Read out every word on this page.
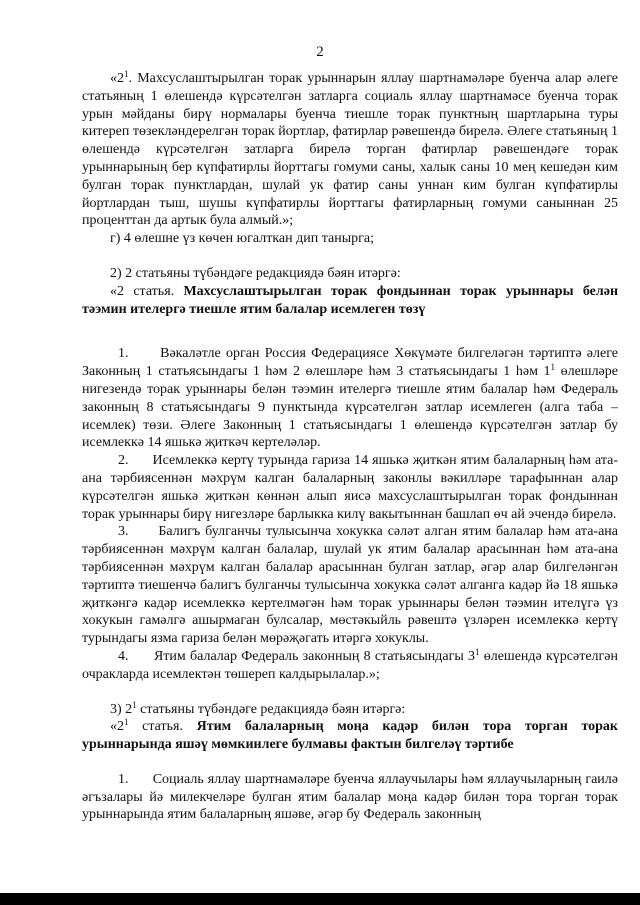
2

«$2^1$. Махсуслаштырылган торак урыннарын яллау шартнамәләре буенча алар әлеге статьяның 1 өлешендә күрсәтелгән затларга социаль яллау шартнамәсе буенча торак урын мәйданы бирү нормалары буенча тиешле торак пунктның шартларына туры китереп төзекләндерелгән торак йортлар, фатирлар рәвешендә бирелә. Әлеге статьяның 1 өлешендә күрсәтелгән затларга бирелә торган фатирлар рәвешендәге торак урыннарының бер күпфатирлы йорттагы гомуми саны, халык саны 10 мең кешедән ким булган торак пунктлардан, шулай ук фатир саны уннан ким булган күпфатирлы йортлардан тыш, шушы күпфатирлы йорттагы фатирларның гомуми саныннан 25 проценттан да артык була алмый.»;

г) 4 өлешне үз көчен югалткан дип танырга;

2) 2 статьяны түбәндәге редакциядә бәян итәргә:

«2 статья. Махсуслаштырылган торак фондыннан торак урыннары белән тәэмин ителергә тиешле ятим балалар исемлеген төзү

1.      Вәкаләтле орган Россия Федерациясе Хөкүмәте билгеләгән тәртиптә әлеге Законның 1 статьясындагы 1 һәм 2 өлешләре һәм 3 статьясындагы 1 һәм $1^1$ өлешләре нигезендә торак урыннары белән тәэмин ителергә тиешле ятим балалар һәм Федераль законның 8 статьясындагы 9 пунктында күрсәтелгән затлар исемлеген (алга таба – исемлек) төзи. Әлеге Законның 1 статьясындагы 1 өлешендә күрсәтелгән затлар бу исемлеккә 14 яшькә җиткәч кертеләләр.

2.      Исемлеккә кертү турында гариза 14 яшькә җиткән ятим балаларның һәм ата-ана тәрбиясеннән мәхрүм калган балаларның законлы вәкилләре тарафыннан алар күрсәтелгән яшькә җиткән көннән алып яисә махсуслаштырылган торак фондыннан торак урыннары бирү нигезләре барлыкка килү вакытыннан башлап өч ай эчендә бирелә.

3.      Балигъ булганчы тулысынча хокукка сәләт алган ятим балалар һәм ата-ана тәрбиясеннән мәхрүм калган балалар, шулай ук ятим балалар арасыннан һәм ата-ана тәрбиясеннән мәхрүм калган балалар арасыннан булган затлар, әгәр алар билгеләнгән тәртиптә тиешенчә балигъ булганчы тулысынча хокукка сәләт алганга кадәр йә 18 яшькә җиткәнгә кадәр исемлеккә кертелмәгән һәм торак урыннары белән тәэмин ителүгә үз хокукын гамәлгә ашырмаган булсалар, мөстәкыйль рәвештә үзләрен исемлеккә кертү турындагы язма гариза белән мөрәҗәгать итәргә хокуклы.

4.      Ятим балалар Федераль законның 8 статьясындагы $3^1$ өлешендә күрсәтелгән очракларда исемлектән төшереп калдырылалар.»;

3) $2^1$ статьяны түбәндәге редакциядә бәян итәргә:

«$2^1$ статья. Ятим балаларның моңа кадәр билән тора торган торак урыннарында яшәү мөмкинлеге булмавы фактын билгеләү тәртибе

1.      Социаль яллау шартнамәләре буенча яллаучылары һәм яллаучыларның гаилә әгъзалары йә милекчеләре булган ятим балалар моңа кадәр билән тора торган торак урыннарында ятим балаларның яшәве, әгәр бу Федераль законның
